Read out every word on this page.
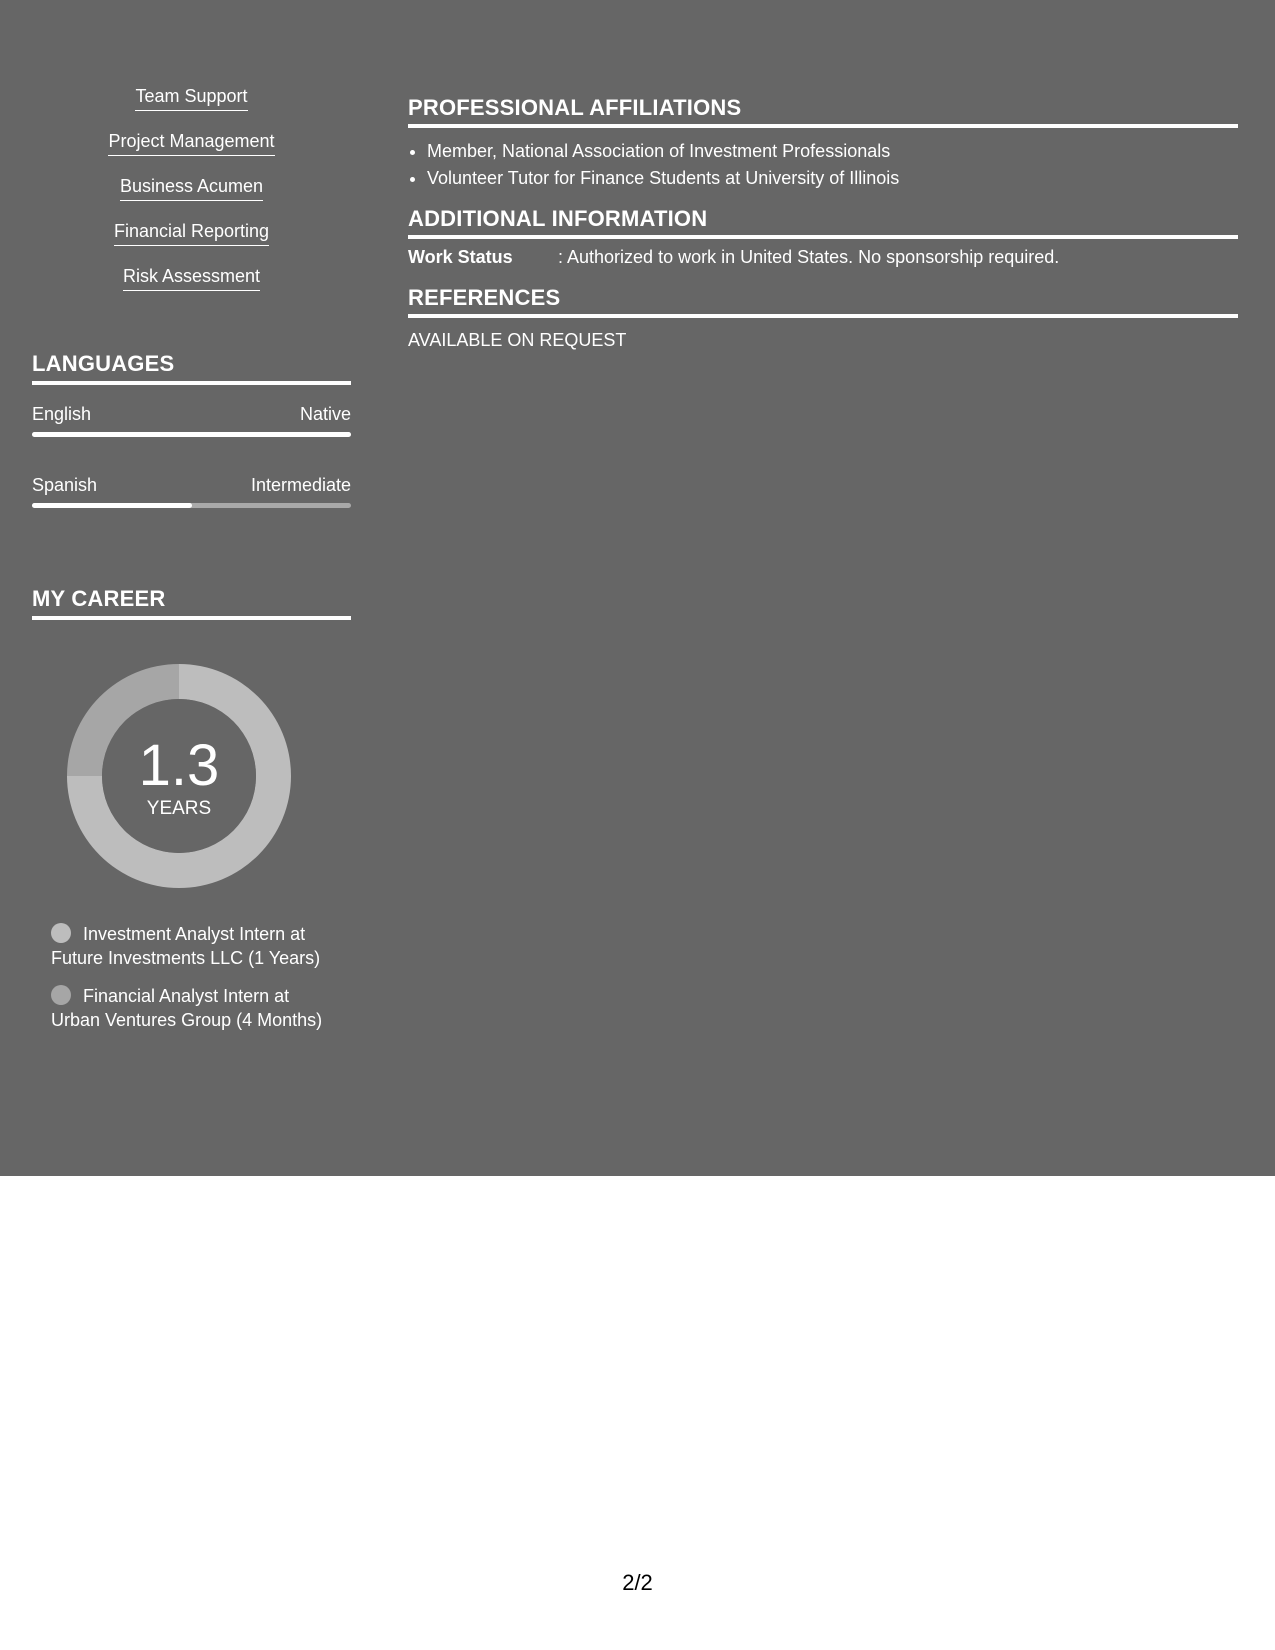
Team Support
Project Management
Business Acumen
Financial Reporting
Risk Assessment
LANGUAGES
English	Native
Spanish	Intermediate
MY CAREER
1.3
YEARS
Investment Analyst Intern at Future Investments LLC (1 Years)
Financial Analyst Intern at Urban Ventures Group (4 Months)
PROFESSIONAL AFFILIATIONS
• Member, National Association of Investment Professionals
• Volunteer Tutor for Finance Students at University of Illinois
ADDITIONAL INFORMATION
Work Status	: Authorized to work in United States. No sponsorship required.
REFERENCES
AVAILABLE ON REQUEST
2/2
